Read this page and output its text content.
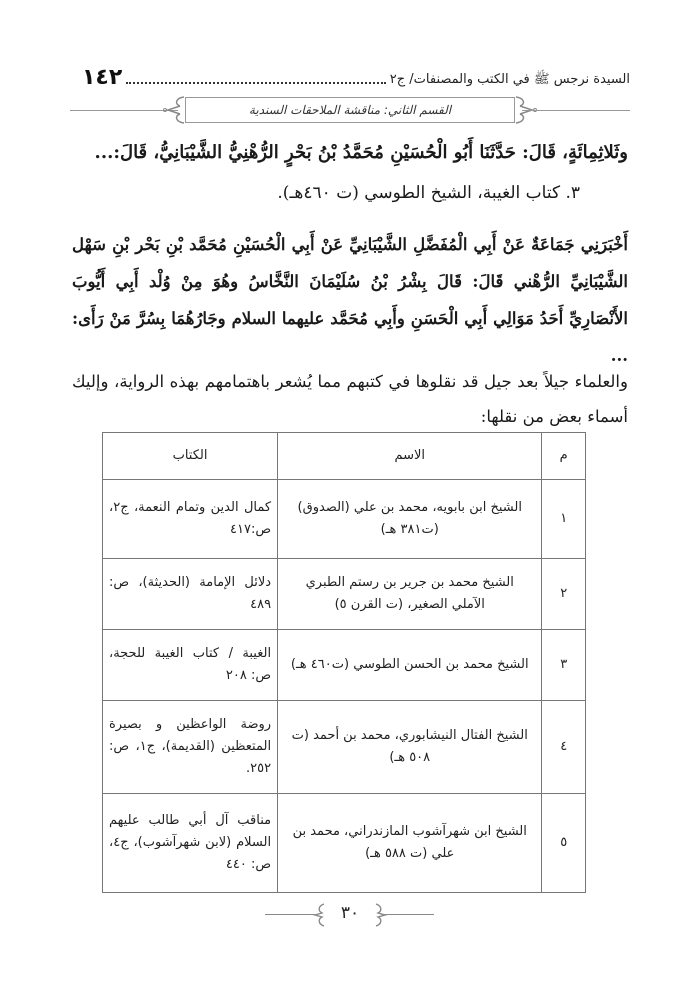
السيدة نرجس ﷺ في الكتب والمصنفات/ ج٢
١٤٢
القسم الثاني: مناقشة الملاحقات السندية
وثَلاثِمِائَةٍ، قَالَ: حَدَّثَنَا أَبُو الْحُسَيْنِ مُحَمَّدُ بْنُ بَحْرٍ الرُّهْنِيُّ الشَّيْبَانِيُّ، قَالَ:...
٣. كتاب الغيبة، الشيخ الطوسي (ت ٤٦٠هـ).
أَخْبَرَنِي جَمَاعَةٌ عَنْ أَبِي الْمُفَضَّلِ الشَّيْبَانِيِّ عَنْ أَبِي الْحُسَيْنِ مُحَمَّد بْنِ بَحْر بْنِ سَهْل الشَّيْبَانِيِّ الرُّهْني قَالَ: قَالَ بِشْرُ بْنُ سُلَيْمَانَ النَّخَّاسُ وهُوَ مِنْ وُلْد أَبِي أَيُّوبَ الأَنْصَارِيِّ أَحَدُ مَوَالِي أَبِي الْحَسَنِ وأَبِي مُحَمَّد عليهما السلام وجَارُهُمَا بِسُرَّ مَنْ رَأَى: ...
والعلماء جيلاً بعد جيل قد نقلوها في كتبهم مما يُشعر باهتمامهم بهذه الرواية، وإليك أسماء بعض من نقلها:
م	الاسم	الكتاب
١	الشيخ ابن بابويه، محمد بن علي (الصدوق) (ت٣٨١ هـ)	كمال الدين وتمام النعمة، ج٢، ص:٤١٧
٢	الشيخ محمد بن جرير بن رستم الطبري الآملي الصغير، (ت القرن ٥)	دلائل الإمامة (الحديثة)، ص: ٤٨٩
٣	الشيخ محمد بن الحسن الطوسي (ت٤٦٠ هـ)	الغيبة / كتاب الغيبة للحجة، ص: ٢٠٨
٤	الشيخ الفتال النيشابوري، محمد بن أحمد (ت ٥٠٨ هـ)	روضة الواعظين و بصيرة المتعظين (القديمة)، ج١، ص: ٢٥٢.
٥	الشيخ ابن شهرآشوب المازندراني، محمد بن علي (ت ٥٨٨ هـ)	مناقب آل أبي طالب عليهم السلام (لابن شهرآشوب)، ج٤، ص: ٤٤٠
٣٠
